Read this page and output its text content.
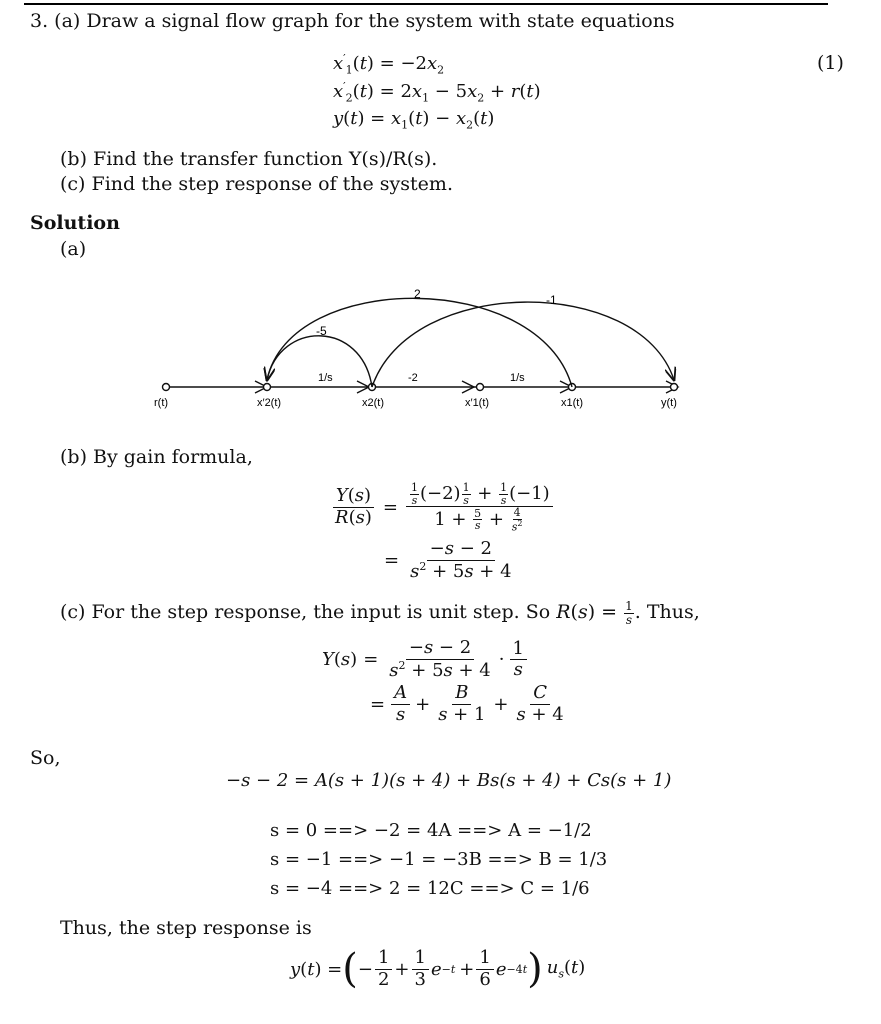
3. (a) Draw a signal flow graph for the system with state equations
(1)
$x'_1(t) = -2x_2$
$x'_2(t) = 2x_1 - 5x_2 + r(t)$
$y(t) = x_1(t) - x_2(t)$
(b) Find the transfer function Y(s)/R(s).
(c) Find the step response of the system.
Solution
(a)
1/s	-2	1/s
-5
2	-1
r(t)	x′2(t)	x2(t)	x′1(t)	x1(t)	y(t)
(b) By gain formula,
$\frac{Y(s)}{R(s)} = \frac{\frac{1}{s} (-2) \frac{1}{s} + \frac{1}{s} (-1)}{1 + \frac{5}{s} + \frac{4}{s^2}}$
= $\frac{-s - 2}{s^2 + 5s + 4}$
(c) For the step response, the input is unit step. So $R(s) = \frac{1}{s}$ . Thus,
$Y(s) = \frac{-s - 2}{s^2 + 5s + 4} \cdot \frac{1}{s}$
= $\frac{A}{s} + \frac{B}{s + 1} + \frac{C}{s + 4}$
So,
−s − 2 = A(s + 1)(s + 4) + Bs(s + 4) + Cs(s + 1)
s = 0 ==> −2 = 4A ==> A = −1/2
s = −1 ==> −1 = −3B ==> B = 1/3
s = −4 ==> 2 = 12C ==> C = 1/6
Thus, the step response is
y(t) = ( − $\frac{1}{2} + \frac{1}{3}$ $e -t + \frac{1}{6}$ e −4t ) $u_s(t)$
